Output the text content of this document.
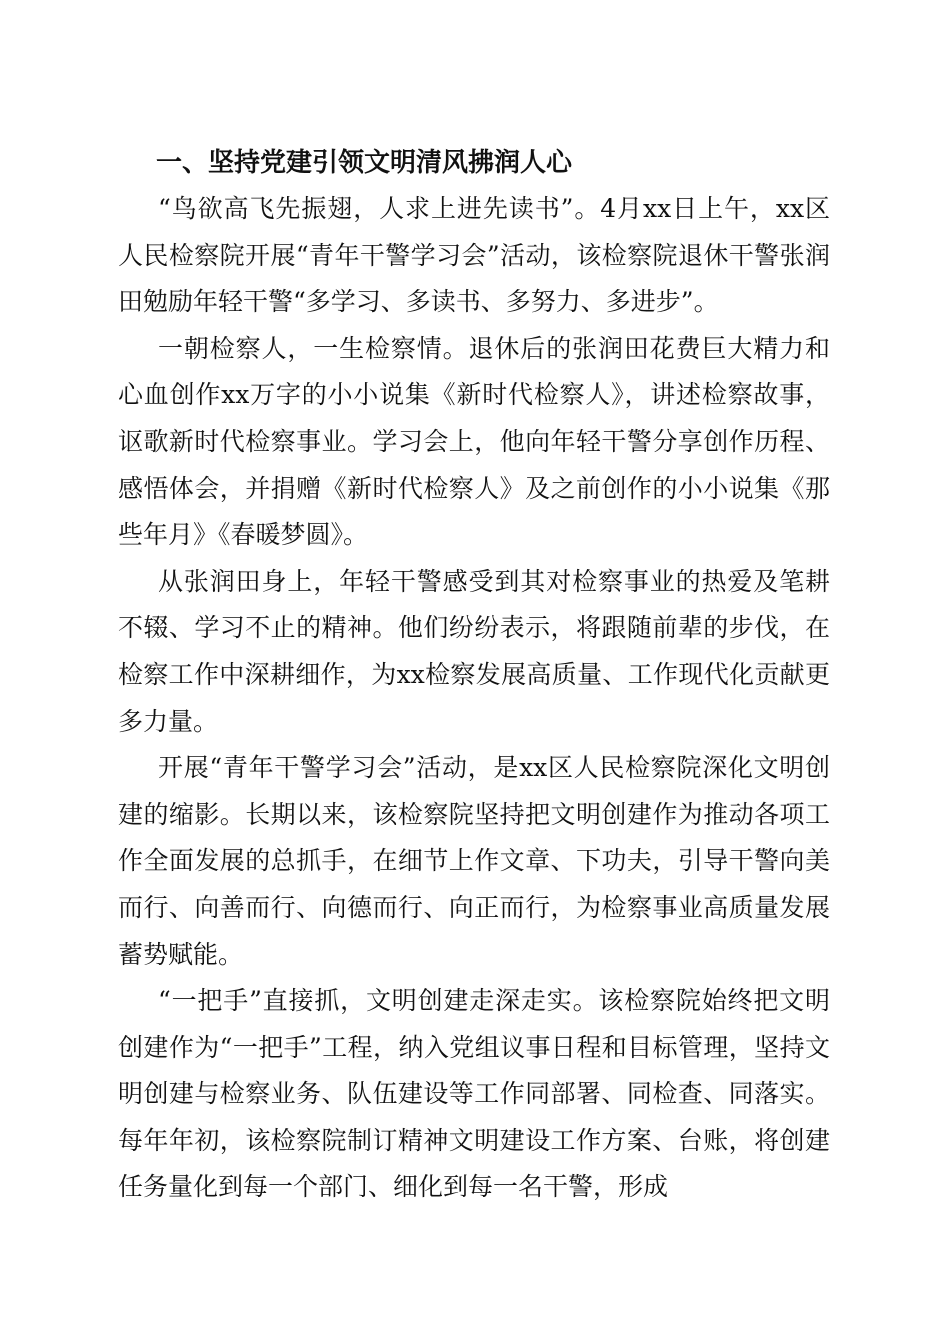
一、坚持党建引领文明清风拂润人心

“鸟欲高飞先振翅，人求上进先读书”。4月xx日上午，xx区人民检察院开展“青年干警学习会”活动，该检察院退休干警张润田勉励年轻干警“多学习、多读书、多努力、多进步”。

一朝检察人，一生检察情。退休后的张润田花费巨大精力和心血创作xx万字的小小说集《新时代检察人》，讲述检察故事，讴歌新时代检察事业。学习会上，他向年轻干警分享创作历程、感悟体会，并捐赠《新时代检察人》及之前创作的小小说集《那些年月》《春暖梦圆》。

从张润田身上，年轻干警感受到其对检察事业的热爱及笔耕不辍、学习不止的精神。他们纷纷表示，将跟随前辈的步伐，在检察工作中深耕细作，为xx检察发展高质量、工作现代化贡献更多力量。

开展“青年干警学习会”活动，是xx区人民检察院深化文明创建的缩影。长期以来，该检察院坚持把文明创建作为推动各项工作全面发展的总抓手，在细节上作文章、下功夫，引导干警向美而行、向善而行、向德而行、向正而行，为检察事业高质量发展蓄势赋能。

“一把手”直接抓，文明创建走深走实。该检察院始终把文明创建作为“一把手”工程，纳入党组议事日程和目标管理，坚持文明创建与检察业务、队伍建设等工作同部署、同检查、同落实。每年年初，该检察院制订精神文明建设工作方案、台账，将创建任务量化到每一个部门、细化到每一名干警，形成
